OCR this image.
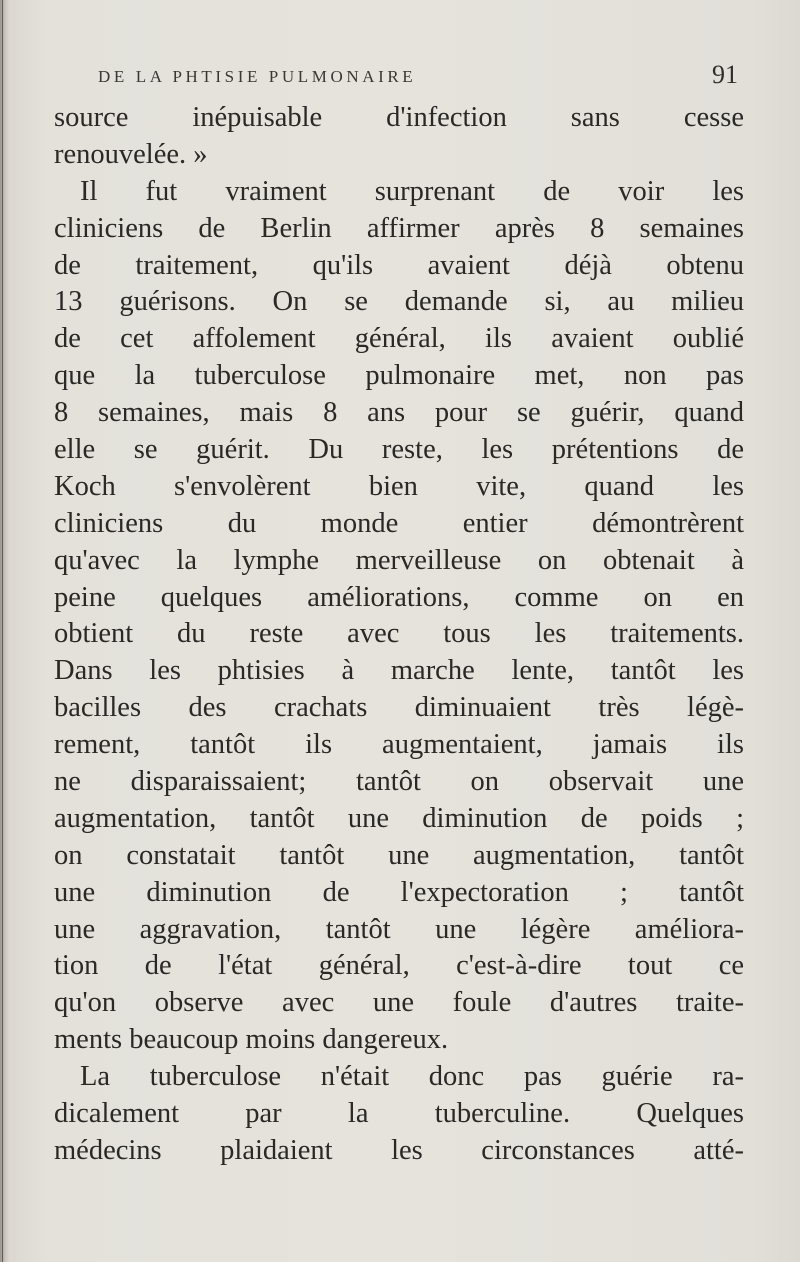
DE LA PHTISIE PULMONAIRE	91
source inépuisable d'infection sans cesse
renouvelée. »
Il fut vraiment surprenant de voir les
cliniciens de Berlin affirmer après 8 semaines
de traitement, qu'ils avaient déjà obtenu
13 guérisons. On se demande si, au milieu
de cet affolement général, ils avaient oublié
que la tuberculose pulmonaire met, non pas
8 semaines, mais 8 ans pour se guérir, quand
elle se guérit. Du reste, les prétentions de
Koch s'envolèrent bien vite, quand les
cliniciens du monde entier démontrèrent
qu'avec la lymphe merveilleuse on obtenait à
peine quelques améliorations, comme on en
obtient du reste avec tous les traitements.
Dans les phtisies à marche lente, tantôt les
bacilles des crachats diminuaient très légè-
rement, tantôt ils augmentaient, jamais ils
ne disparaissaient; tantôt on observait une
augmentation, tantôt une diminution de poids ;
on constatait tantôt une augmentation, tantôt
une diminution de l'expectoration ; tantôt
une aggravation, tantôt une légère améliora-
tion de l'état général, c'est-à-dire tout ce
qu'on observe avec une foule d'autres traite-
ments beaucoup moins dangereux.
La tuberculose n'était donc pas guérie ra-
dicalement par la tuberculine. Quelques
médecins plaidaient les circonstances atté-
